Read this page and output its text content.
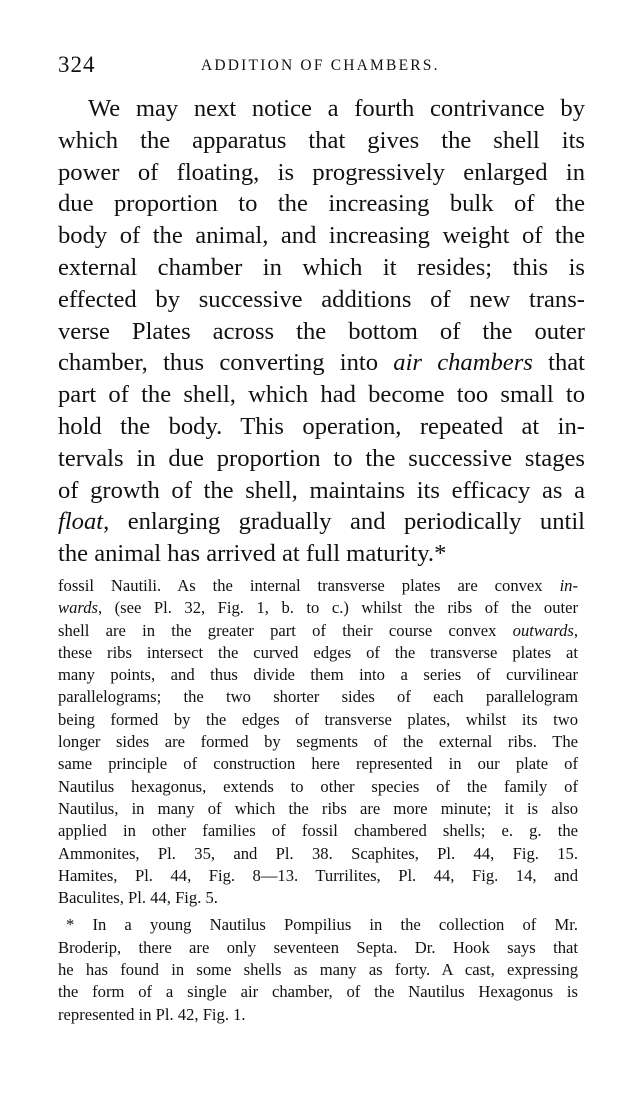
324	ADDITION OF CHAMBERS.
We may next notice a fourth contrivance by
which the apparatus that gives the shell its
power of floating, is progressively enlarged in
due proportion to the increasing bulk of the
body of the animal, and increasing weight of the
external chamber in which it resides; this is
effected by successive additions of new trans-
verse Plates across the bottom of the outer
chamber, thus converting into air chambers that
part of the shell, which had become too small to
hold the body. This operation, repeated at in-
tervals in due proportion to the successive stages
of growth of the shell, maintains its efficacy as a
float, enlarging gradually and periodically until
the animal has arrived at full maturity.*
fossil Nautili. As the internal transverse plates are convex in-
wards, (see Pl. 32, Fig. 1, b. to c.) whilst the ribs of the outer
shell are in the greater part of their course convex outwards,
these ribs intersect the curved edges of the transverse plates at
many points, and thus divide them into a series of curvilinear
parallelograms; the two shorter sides of each parallelogram
being formed by the edges of transverse plates, whilst its two
longer sides are formed by segments of the external ribs. The
same principle of construction here represented in our plate of
Nautilus hexagonus, extends to other species of the family of
Nautilus, in many of which the ribs are more minute; it is also
applied in other families of fossil chambered shells; e. g. the
Ammonites, Pl. 35, and Pl. 38. Scaphites, Pl. 44, Fig. 15.
Hamites, Pl. 44, Fig. 8—13. Turrilites, Pl. 44, Fig. 14, and
Baculites, Pl. 44, Fig. 5.
* In a young Nautilus Pompilius in the collection of Mr.
Broderip, there are only seventeen Septa. Dr. Hook says that
he has found in some shells as many as forty. A cast, expressing
the form of a single air chamber, of the Nautilus Hexagonus is
represented in Pl. 42, Fig. 1.
